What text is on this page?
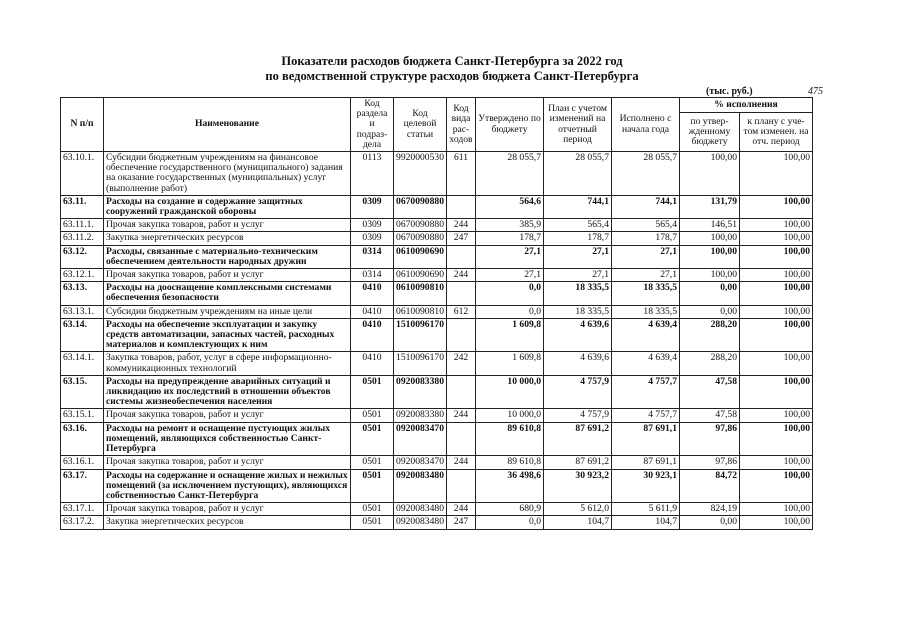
Показатели расходов бюджета Санкт-Петербурга за 2022 год
по ведомственной структуре расходов бюджета Санкт-Петербурга
(тыс. руб.)	475
N п/п	Наименование	Код раздела и подраз-дела	Код целевой статьи	Код вида рас-ходов	Утверждено по бюджету	План с учетом изменений на отчетный период	Исполнено с начала года	% исполнения	
								по утвер-жденному бюджету	к плану с уче-том изменен. на отч. период
63.10.1.	Субсидии бюджетным учреждениям на финансовое обеспечение государственного (муниципального) задания на оказание государственных (муниципальных) услуг (выполнение работ)	0113	9920000530	611	28 055,7	28 055,7	28 055,7	100,00	100,00
63.11.	Расходы на создание и содержание защитных сооружений гражданской обороны	0309	0670090880		564,6	744,1	744,1	131,79	100,00
63.11.1.	Прочая закупка товаров, работ и услуг	0309	0670090880	244	385,9	565,4	565,4	146,51	100,00
63.11.2.	Закупка энергетических ресурсов	0309	0670090880	247	178,7	178,7	178,7	100,00	100,00
63.12.	Расходы, связанные с материально-техническим обеспечением деятельности народных дружин	0314	0610090690		27,1	27,1	27,1	100,00	100,00
63.12.1.	Прочая закупка товаров, работ и услуг	0314	0610090690	244	27,1	27,1	27,1	100,00	100,00
63.13.	Расходы на дооснащение комплексными системами обеспечения безопасности	0410	0610090810		0,0	18 335,5	18 335,5	0,00	100,00
63.13.1.	Субсидии бюджетным учреждениям на иные цели	0410	0610090810	612	0,0	18 335,5	18 335,5	0,00	100,00
63.14.	Расходы на обеспечение эксплуатации и закупку средств автоматизации, запасных частей, расходных материалов и комплектующих к ним	0410	1510096170		1 609,8	4 639,6	4 639,4	288,20	100,00
63.14.1.	Закупка товаров, работ, услуг в сфере информационно-коммуникационных технологий	0410	1510096170	242	1 609,8	4 639,6	4 639,4	288,20	100,00
63.15.	Расходы на предупреждение аварийных ситуаций и ликвидацию их последствий в отношении объектов системы жизнеобеспечения населения	0501	0920083380		10 000,0	4 757,9	4 757,7	47,58	100,00
63.15.1.	Прочая закупка товаров, работ и услуг	0501	0920083380	244	10 000,0	4 757,9	4 757,7	47,58	100,00
63.16.	Расходы на ремонт и оснащение пустующих жилых помещений, являющихся собственностью Санкт-Петербурга	0501	0920083470		89 610,8	87 691,2	87 691,1	97,86	100,00
63.16.1.	Прочая закупка товаров, работ и услуг	0501	0920083470	244	89 610,8	87 691,2	87 691,1	97,86	100,00
63.17.	Расходы на содержание и оснащение жилых и нежилых помещений (за исключением пустующих), являющихся собственностью Санкт-Петербурга	0501	0920083480		36 498,6	30 923,2	30 923,1	84,72	100,00
63.17.1.	Прочая закупка товаров, работ и услуг	0501	0920083480	244	680,9	5 612,0	5 611,9	824,19	100,00
63.17.2.	Закупка энергетических ресурсов	0501	0920083480	247	0,0	104,7	104,7	0,00	100,00
